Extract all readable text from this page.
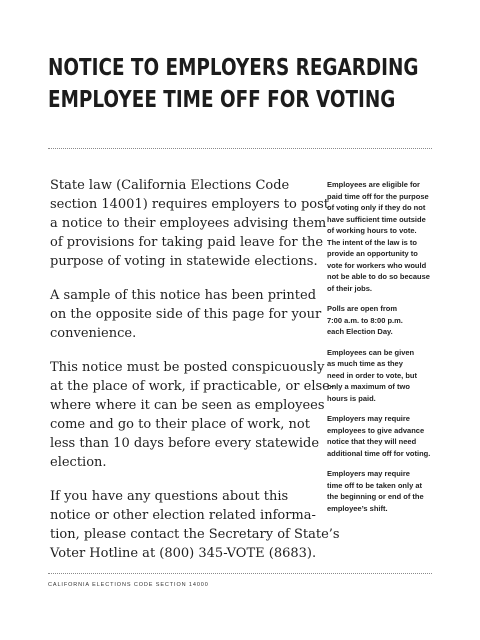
NOTICE TO EMPLOYERS REGARDING
EMPLOYEE TIME OFF FOR VOTING

State law (California Elections Code
section 14001) requires employers to post
a notice to their employees advising them
of provisions for taking paid leave for the
purpose of voting in statewide elections.

A sample of this notice has been printed
on the opposite side of this page for your
convenience.

This notice must be posted conspicuously
at the place of work, if practicable, or else-
where where it can be seen as employees
come and go to their place of work, not
less than 10 days before every statewide
election.

If you have any questions about this
notice or other election related informa-
tion, please contact the Secretary of State’s
Voter Hotline at (800) 345-VOTE (8683).

Employees are eligible for
paid time off for the purpose
of voting only if they do not
have sufficient time outside
of working hours to vote.
The intent of the law is to
provide an opportunity to
vote for workers who would
not be able to do so because
of their jobs.

Polls are open from
7:00 a.m. to 8:00 p.m.
each Election Day.

Employees can be given
as much time as they
need in order to vote, but
only a maximum of two
hours is paid.

Employers may require
employees to give advance
notice that they will need
additional time off for voting.

Employers may require
time off to be taken only at
the beginning or end of the
employee’s shift.

CALIFORNIA ELECTIONS CODE SECTION 14000
